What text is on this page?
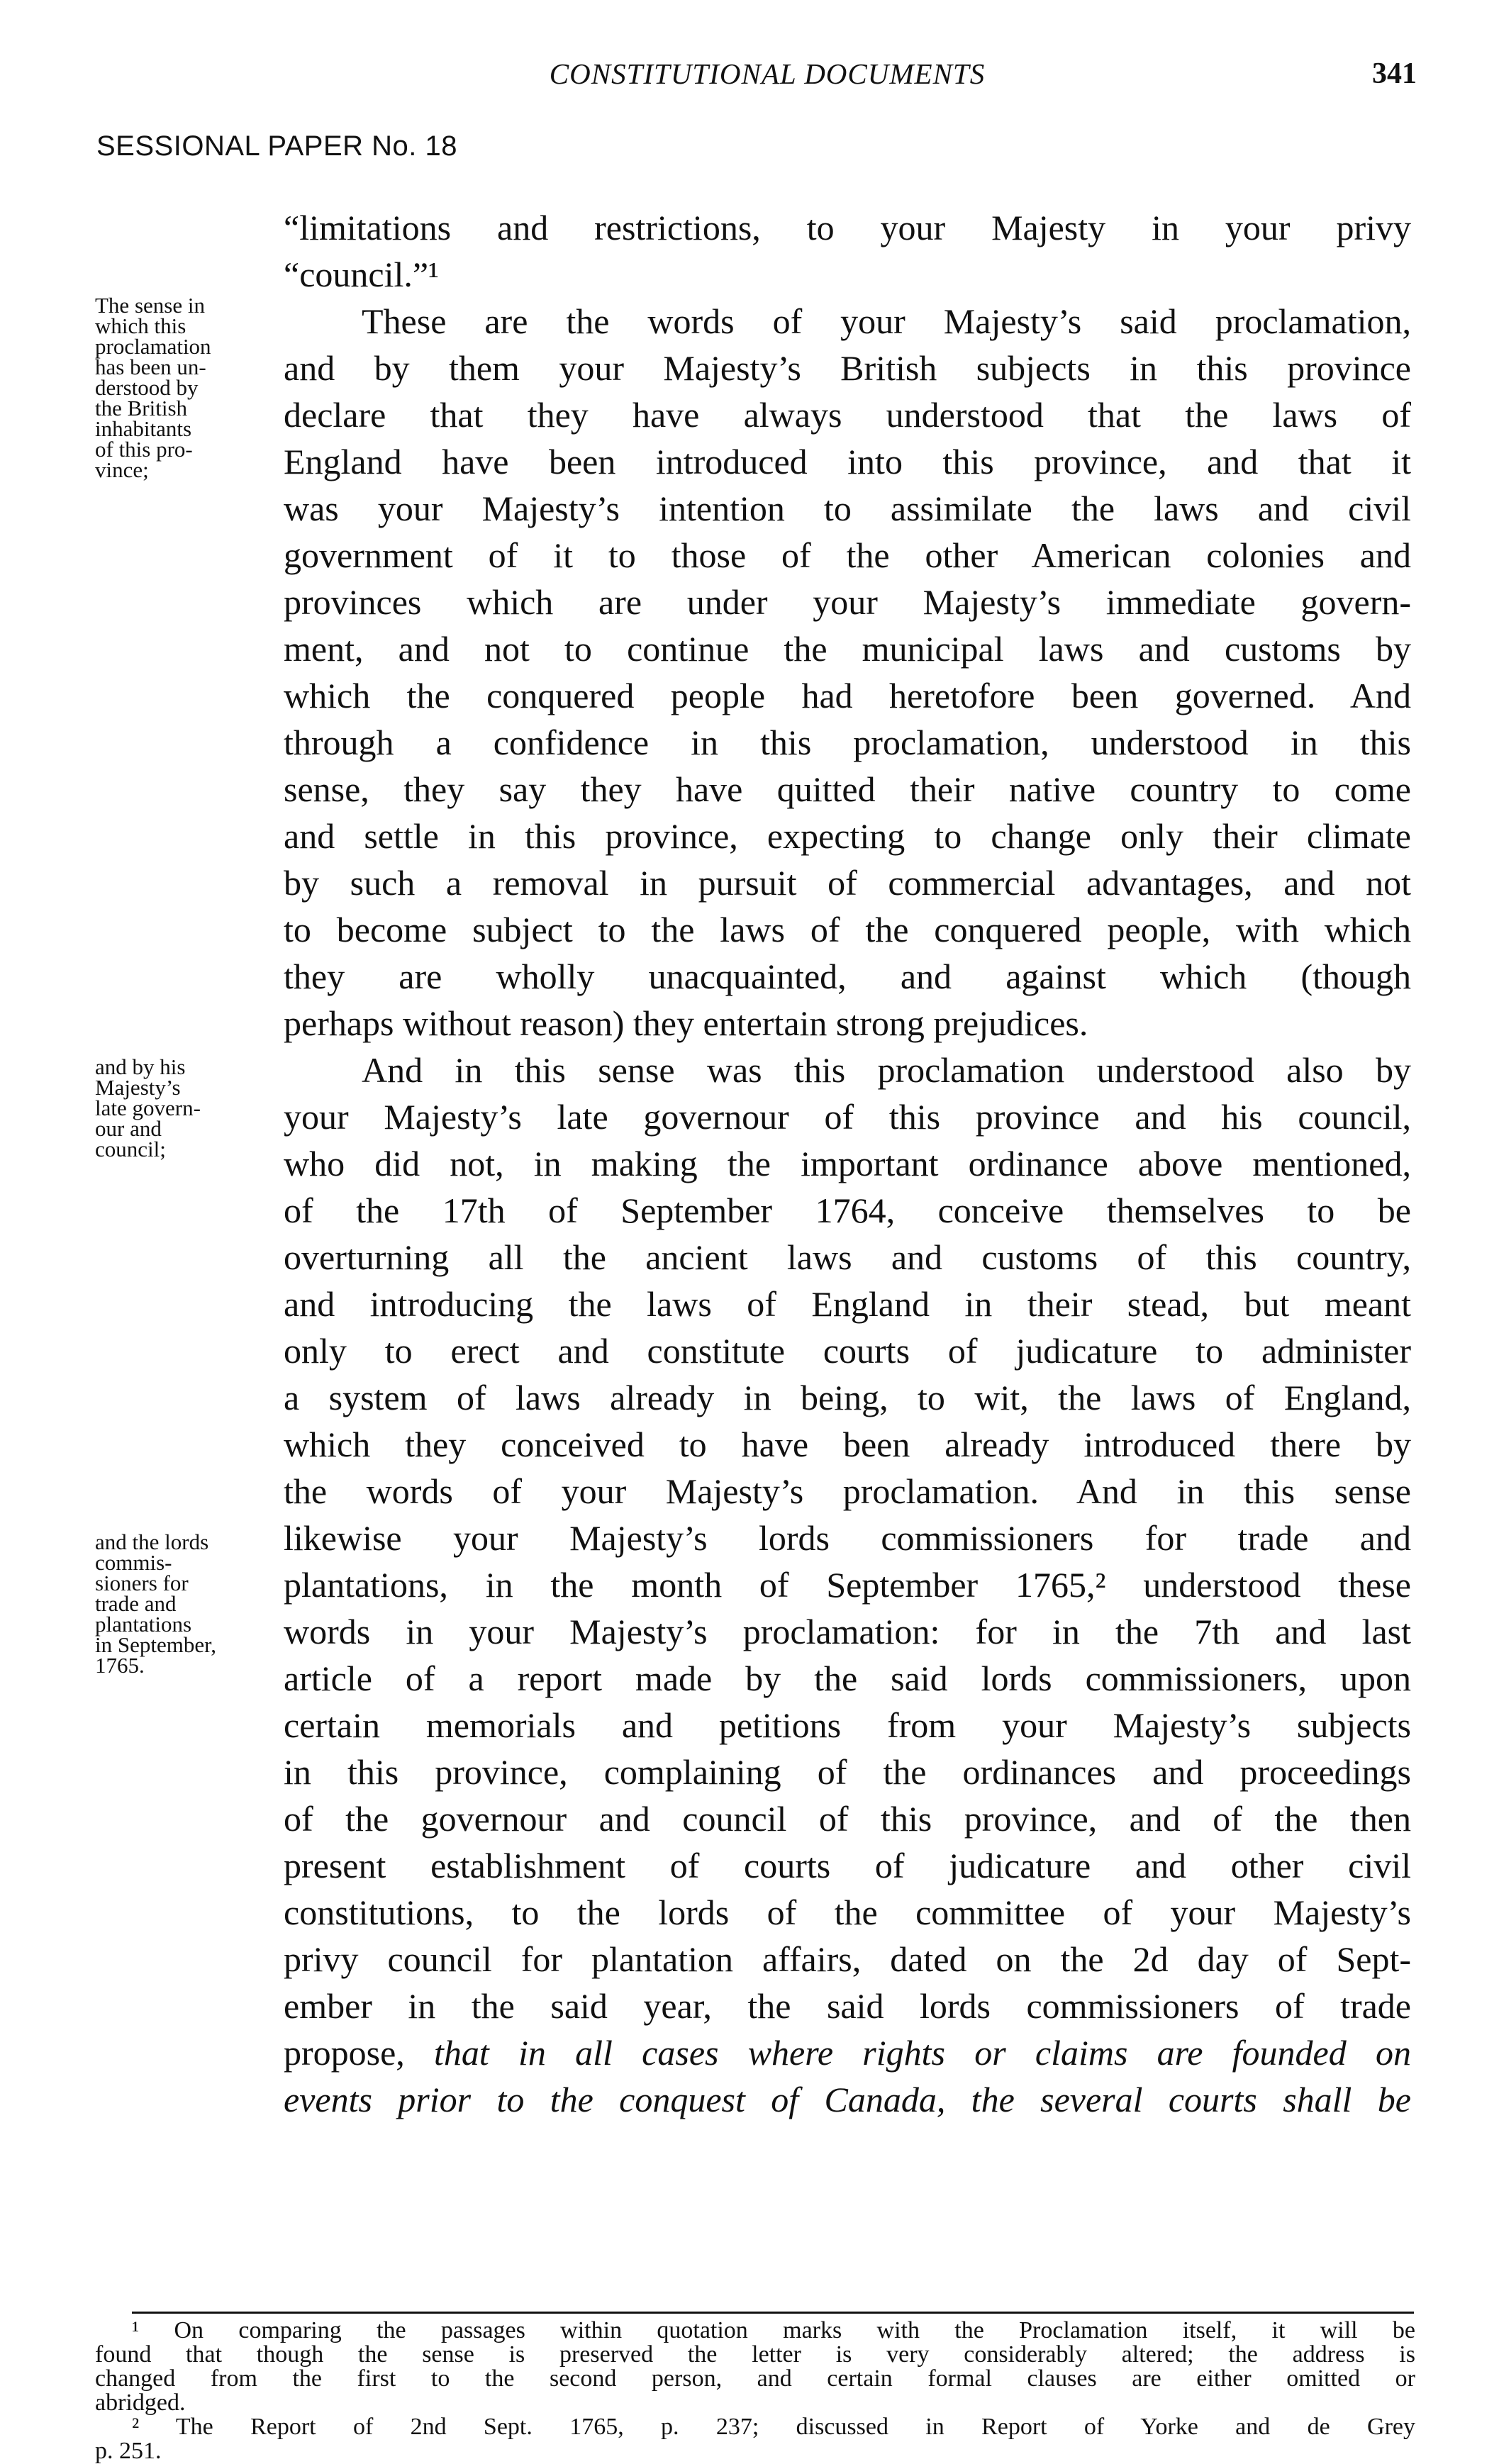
CONSTITUTIONAL DOCUMENTS	341
SESSIONAL PAPER No. 18
“limitations and restrictions, to your Majesty in your privy
“council.”¹
These are the words of your Majesty’s said proclamation,
and by them your Majesty’s British subjects in this province
declare that they have always understood that the laws of
England have been introduced into this province, and that it
was your Majesty’s intention to assimilate the laws and civil
government of it to those of the other American colonies and
provinces which are under your Majesty’s immediate govern-
ment, and not to continue the municipal laws and customs by
which the conquered people had heretofore been governed. And
through a confidence in this proclamation, understood in this
sense, they say they have quitted their native country to come
and settle in this province, expecting to change only their climate
by such a removal in pursuit of commercial advantages, and not
to become subject to the laws of the conquered people, with which
they are wholly unacquainted, and against which (though
perhaps without reason) they entertain strong prejudices.
And in this sense was this proclamation understood also by
your Majesty’s late governour of this province and his council,
who did not, in making the important ordinance above mentioned,
of the 17th of September 1764, conceive themselves to be
overturning all the ancient laws and customs of this country,
and introducing the laws of England in their stead, but meant
only to erect and constitute courts of judicature to administer
a system of laws already in being, to wit, the laws of England,
which they conceived to have been already introduced there by
the words of your Majesty’s proclamation. And in this sense
likewise your Majesty’s lords commissioners for trade and
plantations, in the month of September 1765,² understood these
words in your Majesty’s proclamation: for in the 7th and last
article of a report made by the said lords commissioners, upon
certain memorials and petitions from your Majesty’s subjects
in this province, complaining of the ordinances and proceedings
of the governour and council of this province, and of the then
present establishment of courts of judicature and other civil
constitutions, to the lords of the committee of your Majesty’s
privy council for plantation affairs, dated on the 2d day of Sept-
ember in the said year, the said lords commissioners of trade
propose, that in all cases where rights or claims are founded on
events prior to the conquest of Canada, the several courts shall be
The sense in
which this
proclamation
has been un-
derstood by
the British
inhabitants
of this pro-
vince;
and by his
Majesty’s
late govern-
our and
council;
and the lords
commis-
sioners for
trade and
plantations
in September,
1765.
¹ On comparing the passages within quotation marks with the Proclamation itself, it will be
found that though the sense is preserved the letter is very considerably altered; the address is
changed from the first to the second person, and certain formal clauses are either omitted or
abridged.
² The Report of 2nd Sept. 1765, p. 237; discussed in Report of Yorke and de Grey
p. 251.
